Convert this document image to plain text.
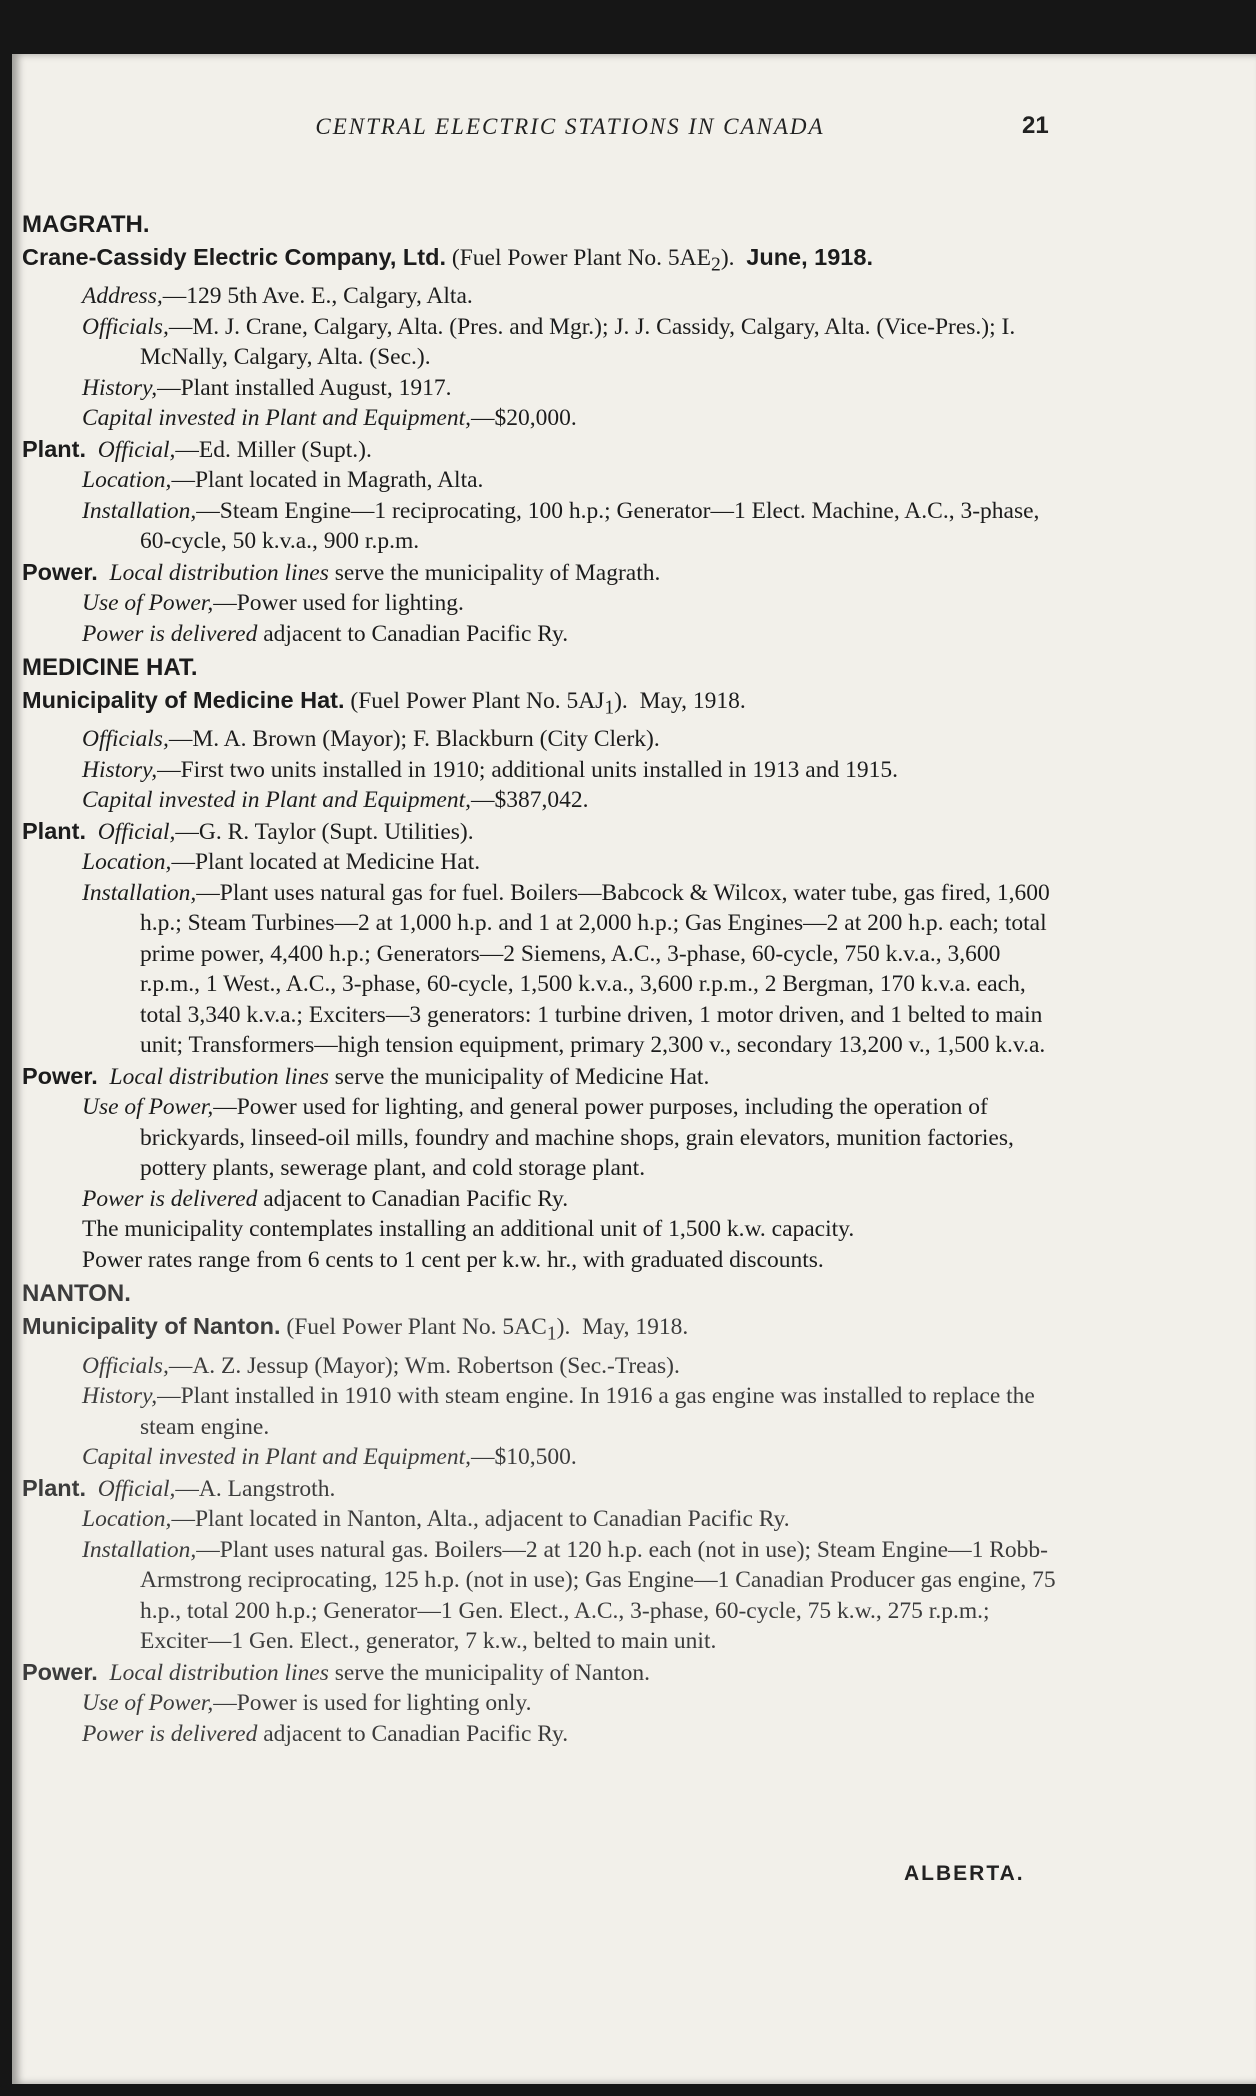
CENTRAL ELECTRIC STATIONS IN CANADA	21
MAGRATH.
Crane-Cassidy Electric Company, Ltd. (Fuel Power Plant No. $5AE_2$). June, 1918.
Address,—129 5th Ave. E., Calgary, Alta.
Officials,—M. J. Crane, Calgary, Alta. (Pres. and Mgr.); J. J. Cassidy, Calgary, Alta. (Vice-Pres.); I. McNally, Calgary, Alta. (Sec.).
History,—Plant installed August, 1917.
Capital invested in Plant and Equipment,—$20,000.
Plant. Official,—Ed. Miller (Supt.).
Location,—Plant located in Magrath, Alta.
Installation,—Steam Engine—1 reciprocating, 100 h.p.; Generator—1 Elect. Machine, A.C., 3-phase, 60-cycle, 50 k.v.a., 900 r.p.m.
Power. Local distribution lines serve the municipality of Magrath.
Use of Power,—Power used for lighting.
Power is delivered adjacent to Canadian Pacific Ry.
MEDICINE HAT.
Municipality of Medicine Hat. (Fuel Power Plant No. $5AJ_1$). May, 1918.
Officials,—M. A. Brown (Mayor); F. Blackburn (City Clerk).
History,—First two units installed in 1910; additional units installed in 1913 and 1915.
Capital invested in Plant and Equipment,—$387,042.
Plant. Official,—G. R. Taylor (Supt. Utilities).
Location,—Plant located at Medicine Hat.
Installation,—Plant uses natural gas for fuel. Boilers—Babcock & Wilcox, water tube, gas fired, 1,600 h.p.; Steam Turbines—2 at 1,000 h.p. and 1 at 2,000 h.p.; Gas Engines—2 at 200 h.p. each; total prime power, 4,400 h.p.; Generators—2 Siemens, A.C., 3-phase, 60-cycle, 750 k.v.a., 3,600 r.p.m., 1 West., A.C., 3-phase, 60-cycle, 1,500 k.v.a., 3,600 r.p.m., 2 Bergman, 170 k.v.a. each, total 3,340 k.v.a.; Exciters—3 generators: 1 turbine driven, 1 motor driven, and 1 belted to main unit; Transformers—high tension equipment, primary 2,300 v., secondary 13,200 v., 1,500 k.v.a.
Power. Local distribution lines serve the municipality of Medicine Hat.
Use of Power,—Power used for lighting, and general power purposes, including the operation of brickyards, linseed-oil mills, foundry and machine shops, grain elevators, munition factories, pottery plants, sewerage plant, and cold storage plant.
Power is delivered adjacent to Canadian Pacific Ry.
The municipality contemplates installing an additional unit of 1,500 k.w. capacity.
Power rates range from 6 cents to 1 cent per k.w. hr., with graduated discounts.
NANTON.
Municipality of Nanton. (Fuel Power Plant No. $5AC_1$). May, 1918.
Officials,—A. Z. Jessup (Mayor); Wm. Robertson (Sec.-Treas).
History,—Plant installed in 1910 with steam engine. In 1916 a gas engine was installed to replace the steam engine.
Capital invested in Plant and Equipment,—$10,500.
Plant. Official,—A. Langstroth.
Location,—Plant located in Nanton, Alta., adjacent to Canadian Pacific Ry.
Installation,—Plant uses natural gas. Boilers—2 at 120 h.p. each (not in use); Steam Engine—1 Robb-Armstrong reciprocating, 125 h.p. (not in use); Gas Engine—1 Canadian Producer gas engine, 75 h.p., total 200 h.p.; Generator—1 Gen. Elect., A.C., 3-phase, 60-cycle, 75 k.w., 275 r.p.m.; Exciter—1 Gen. Elect., generator, 7 k.w., belted to main unit.
Power. Local distribution lines serve the municipality of Nanton.
Use of Power,—Power is used for lighting only.
Power is delivered adjacent to Canadian Pacific Ry.
ALBERTA.
